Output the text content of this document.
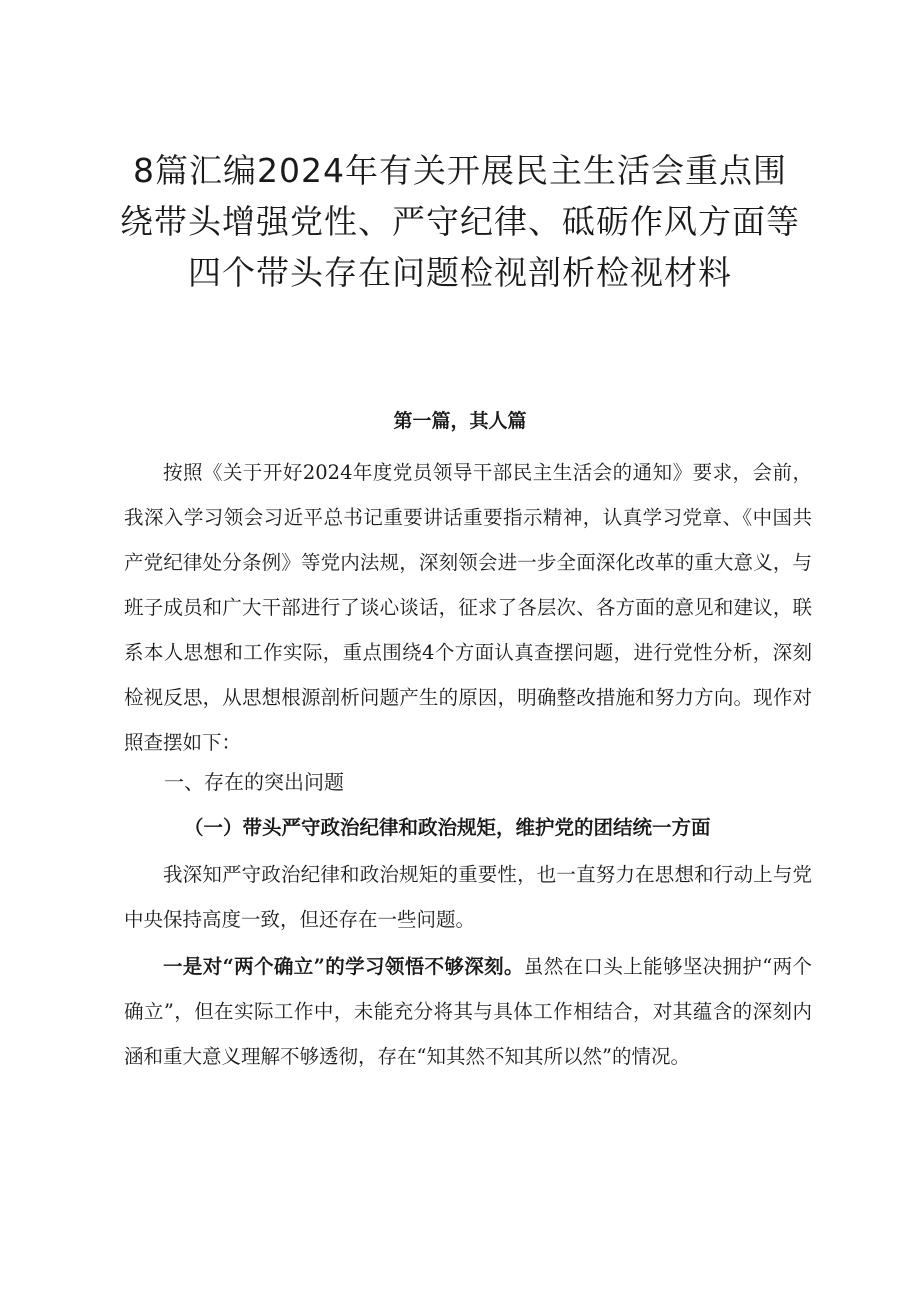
8篇汇编2024年有关开展民主生活会重点围
绕带头增强党性、严守纪律、砥砺作风方面等
四个带头存在问题检视剖析检视材料
第一篇，其人篇

按照《关于开好2024年度党员领导干部民主生活会的通知》要求，会前，我深入学习领会习近平总书记重要讲话重要指示精神，认真学习党章、《中国共产党纪律处分条例》等党内法规，深刻领会进一步全面深化改革的重大意义，与班子成员和广大干部进行了谈心谈话，征求了各层次、各方面的意见和建议，联系本人思想和工作实际，重点围绕4个方面认真查摆问题，进行党性分析，深刻检视反思，从思想根源剖析问题产生的原因，明确整改措施和努力方向。现作对照查摆如下：

一、存在的突出问题
（一）带头严守政治纪律和政治规矩，维护党的团结统一方面

我深知严守政治纪律和政治规矩的重要性，也一直努力在思想和行动上与党中央保持高度一致，但还存在一些问题。

一是对“两个确立”的学习领悟不够深刻。虽然在口头上能够坚决拥护“两个确立”，但在实际工作中，未能充分将其与具体工作相结合，对其蕴含的深刻内涵和重大意义理解不够透彻，存在“知其然不知其所以然”的情况。
